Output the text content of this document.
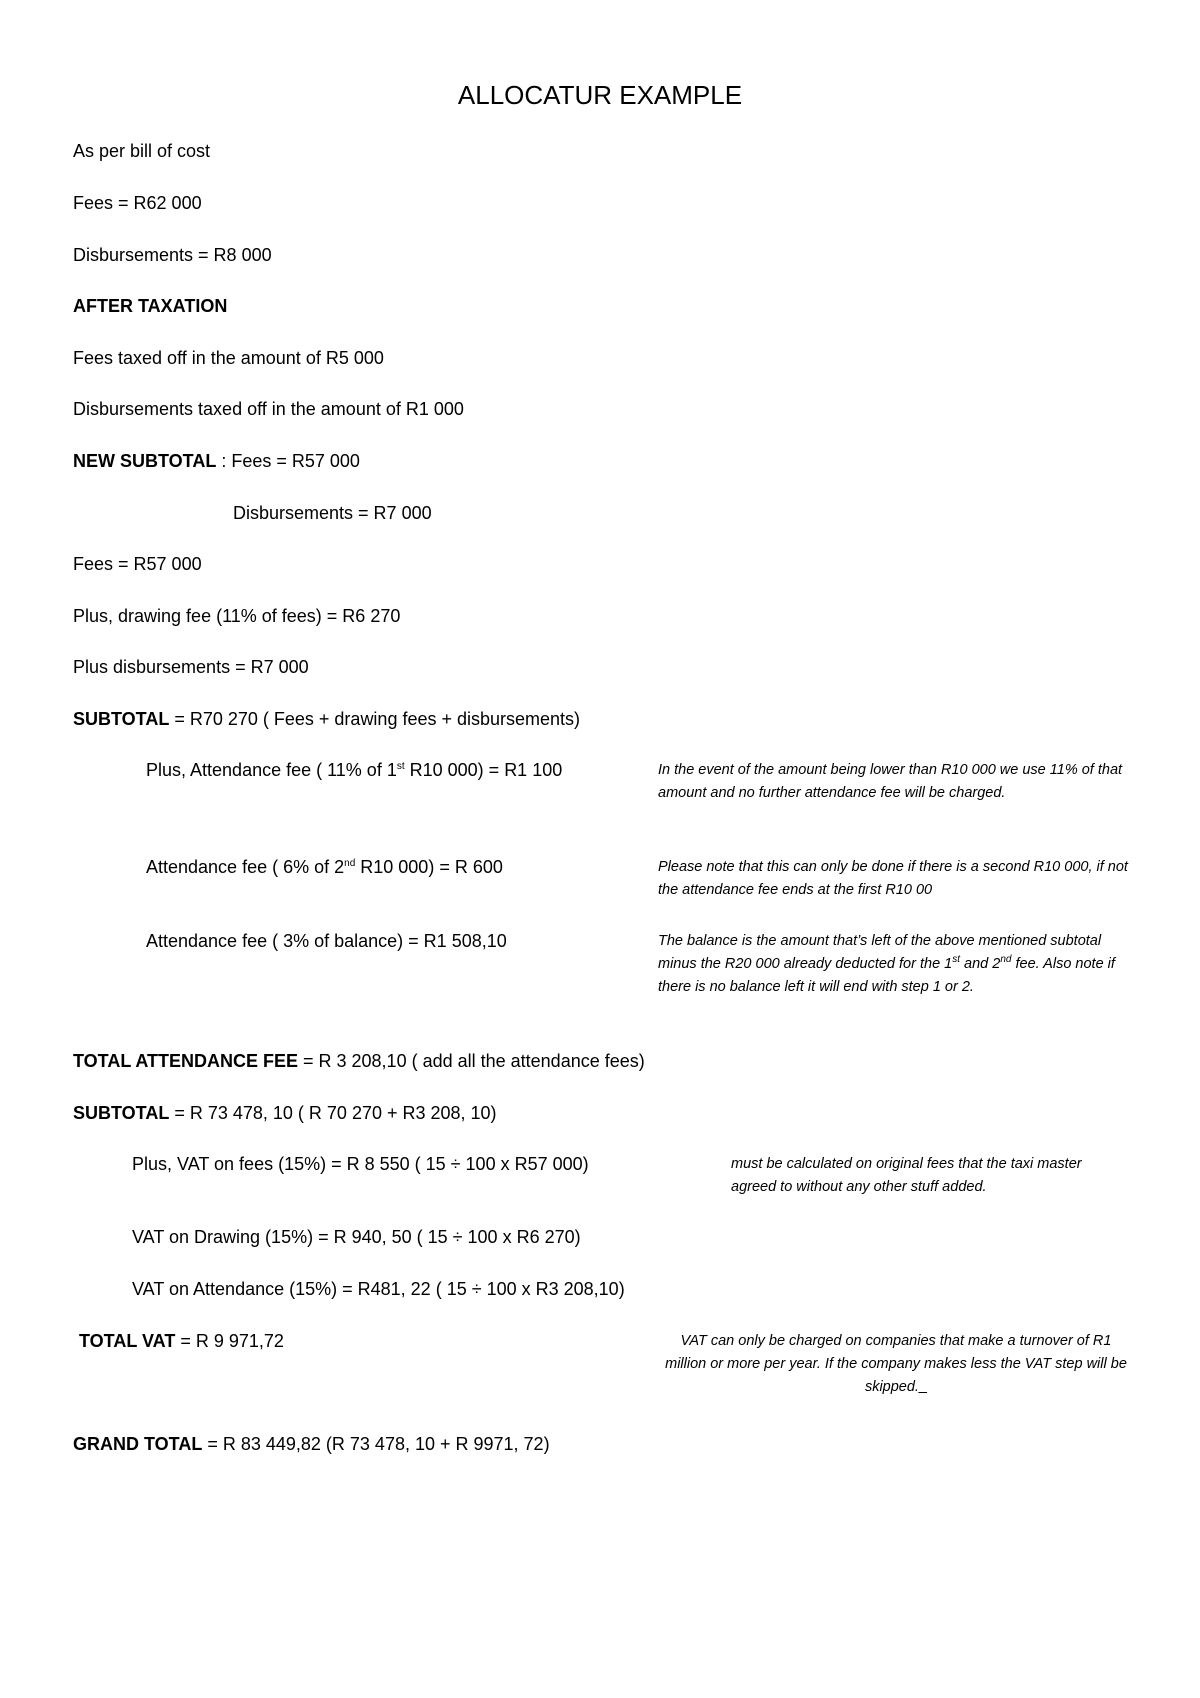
ALLOCATUR EXAMPLE
As per bill of cost
Fees = R62 000
Disbursements = R8 000
AFTER TAXATION
Fees taxed off in the amount of R5 000
Disbursements taxed off in the amount of R1 000
NEW SUBTOTAL : Fees = R57 000
Disbursements = R7 000
Fees = R57 000
Plus, drawing fee (11% of fees) = R6 270
Plus disbursements = R7 000
SUBTOTAL = R70 270 ( Fees + drawing fees + disbursements)
Plus, Attendance fee ( 11% of 1st R10 000) = R1 100	In the event of the amount being lower than R10 000 we use 11% of that amount and no further attendance fee will be charged.
Attendance fee ( 6% of 2nd R10 000) = R 600	Please note that this can only be done if there is a second R10 000, if not the attendance fee ends at the first R10 00
Attendance fee ( 3% of balance) = R1 508,10	The balance is the amount that’s left of the above mentioned subtotal minus the R20 000 already deducted for the 1st and 2nd fee. Also note if there is no balance left it will end with step 1 or 2.
TOTAL ATTENDANCE FEE = R 3 208,10 ( add all the attendance fees)
SUBTOTAL = R 73 478, 10 ( R 70 270 + R3 208, 10)
Plus, VAT on fees (15%) = R 8 550 ( 15 ÷ 100 x R57 000)	must be calculated on original fees that the taxi master agreed to without any other stuff added.
VAT on Drawing (15%) = R 940, 50 ( 15 ÷ 100 x R6 270)
VAT on Attendance (15%) = R481, 22 ( 15 ÷ 100 x R3 208,10)
TOTAL VAT = R 9 971,72	VAT can only be charged on companies that make a turnover of R1 million or more per year. If the company makes less the VAT step will be skipped._
GRAND TOTAL = R 83 449,82 (R 73 478, 10 + R 9971, 72)
